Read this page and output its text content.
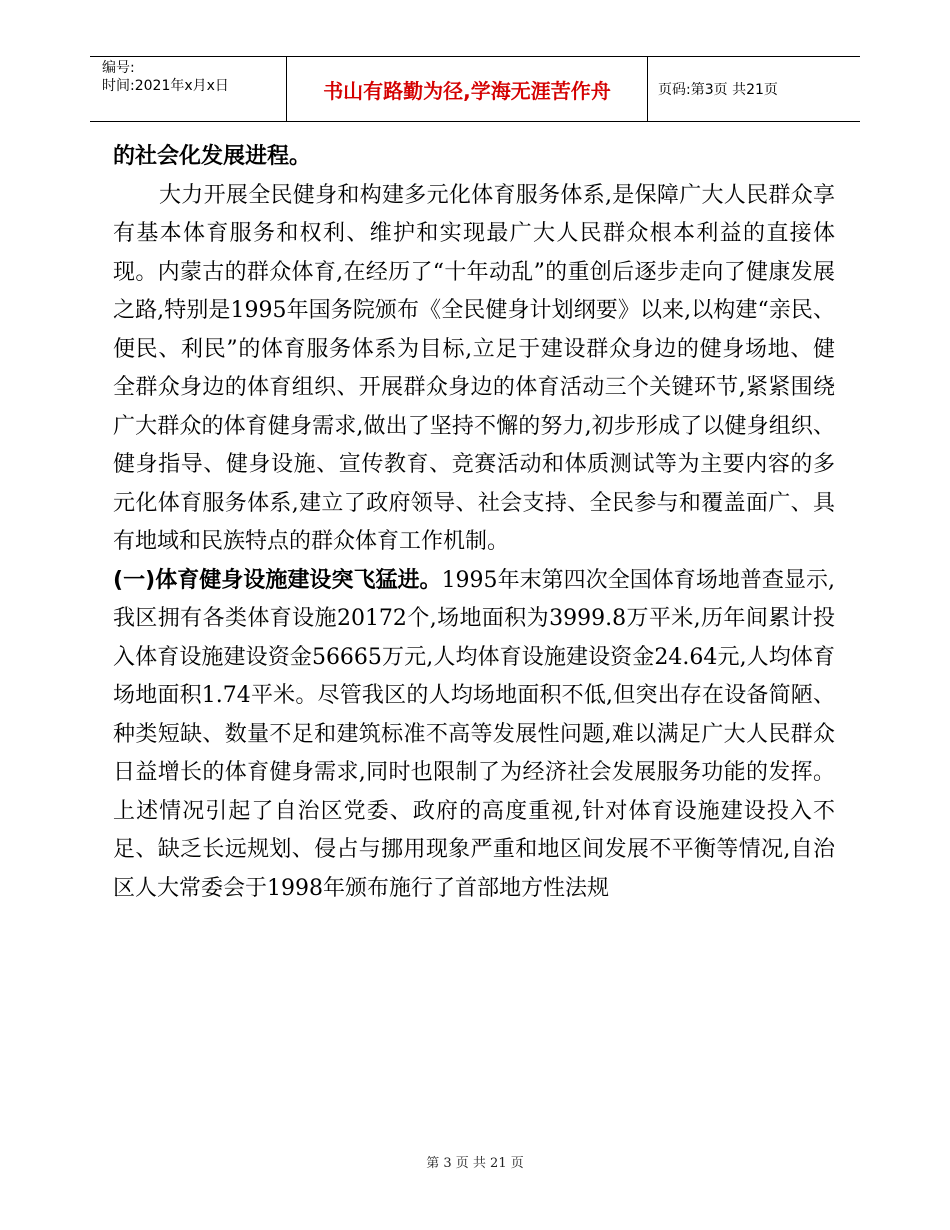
编号:
时间:2021年x月x日	书山有路勤为径,学海无涯苦作舟	页码:第3页 共21页

的社会化发展进程。

大力开展全民健身和构建多元化体育服务体系,是保障广大人民群众享有基本体育服务和权利、维护和实现最广大人民群众根本利益的直接体现。内蒙古的群众体育,在经历了“十年动乱”的重创后逐步走向了健康发展之路,特别是1995年国务院颁布《全民健身计划纲要》以来,以构建“亲民、便民、利民”的体育服务体系为目标,立足于建设群众身边的健身场地、健全群众身边的体育组织、开展群众身边的体育活动三个关键环节,紧紧围绕广大群众的体育健身需求,做出了坚持不懈的努力,初步形成了以健身组织、健身指导、健身设施、宣传教育、竞赛活动和体质测试等为主要内容的多元化体育服务体系,建立了政府领导、社会支持、全民参与和覆盖面广、具有地域和民族特点的群众体育工作机制。

(一)体育健身设施建设突飞猛进。1995年末第四次全国体育场地普查显示,我区拥有各类体育设施20172个,场地面积为3999.8万平米,历年间累计投入体育设施建设资金56665万元,人均体育设施建设资金24.64元,人均体育场地面积1.74平米。尽管我区的人均场地面积不低,但突出存在设备简陋、种类短缺、数量不足和建筑标准不高等发展性问题,难以满足广大人民群众日益增长的体育健身需求,同时也限制了为经济社会发展服务功能的发挥。上述情况引起了自治区党委、政府的高度重视,针对体育设施建设投入不足、缺乏长远规划、侵占与挪用现象严重和地区间发展不平衡等情况,自治区人大常委会于1998年颁布施行了首部地方性法规

第 3 页 共 21 页
